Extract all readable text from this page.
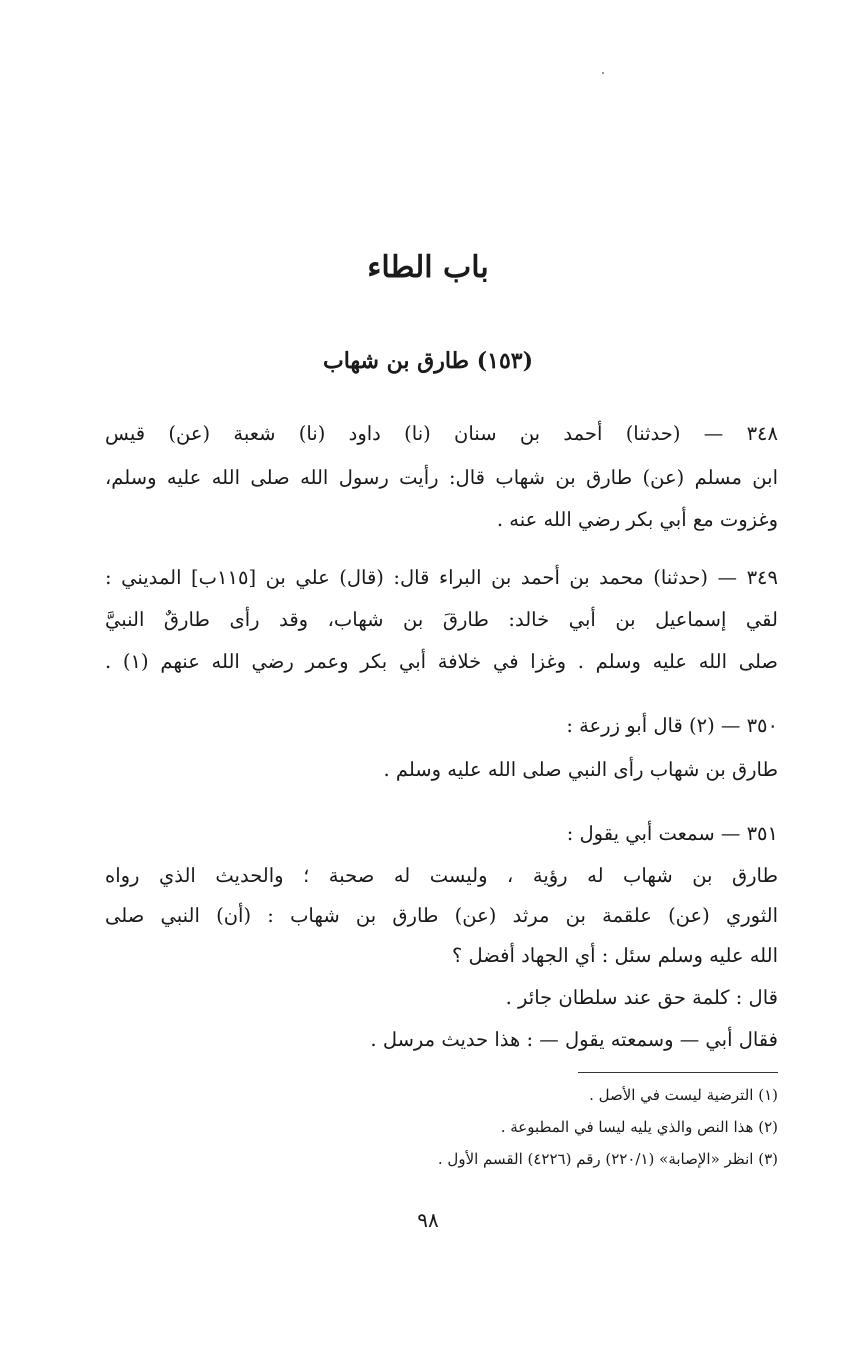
باب الطاء
(١٥٣) طارق بن شهاب
٣٤٨ — (حدثنا) أحمد بن سنان (نا) داود (نا) شعبة (عن) قيس
ابن مسلم (عن) طارق بن شهاب قال: رأيت رسول الله صلى الله عليه وسلم،
وغزوت مع أبي بكر رضي الله عنه .
٣٤٩ — (حدثنا) محمد بن أحمد بن البراء قال: (قال) علي بن [١١٥ب] المديني :
لقي إسماعيل بن أبي خالد: طارقَ بن شهاب، وقد رأى طارقٌ النبيَّ
صلى الله عليه وسلم . وغزا في خلافة أبي بكر وعمر رضي الله عنهم (١) .
٣٥٠ — (٢) قال أبو زرعة :
طارق بن شهاب رأى النبي صلى الله عليه وسلم .
٣٥١ — سمعت أبي يقول :
طارق بن شهاب له رؤية ، وليست له صحبة ؛ والحديث الذي رواه
الثوري (عن) علقمة بن مرثد (عن) طارق بن شهاب : (أن) النبي صلى
الله عليه وسلم سئل : أي الجهاد أفضل ؟
قال : كلمة حق عند سلطان جائر .
فقال أبي — وسمعته يقول — : هذا حديث مرسل .
(١) الترضية ليست في الأصل .
(٢) هذا النص والذي يليه ليسا في المطبوعة .
(٣) انظر «الإصابة» (٢٢٠/١) رقم (٤٢٢٦) القسم الأول .
٩٨
